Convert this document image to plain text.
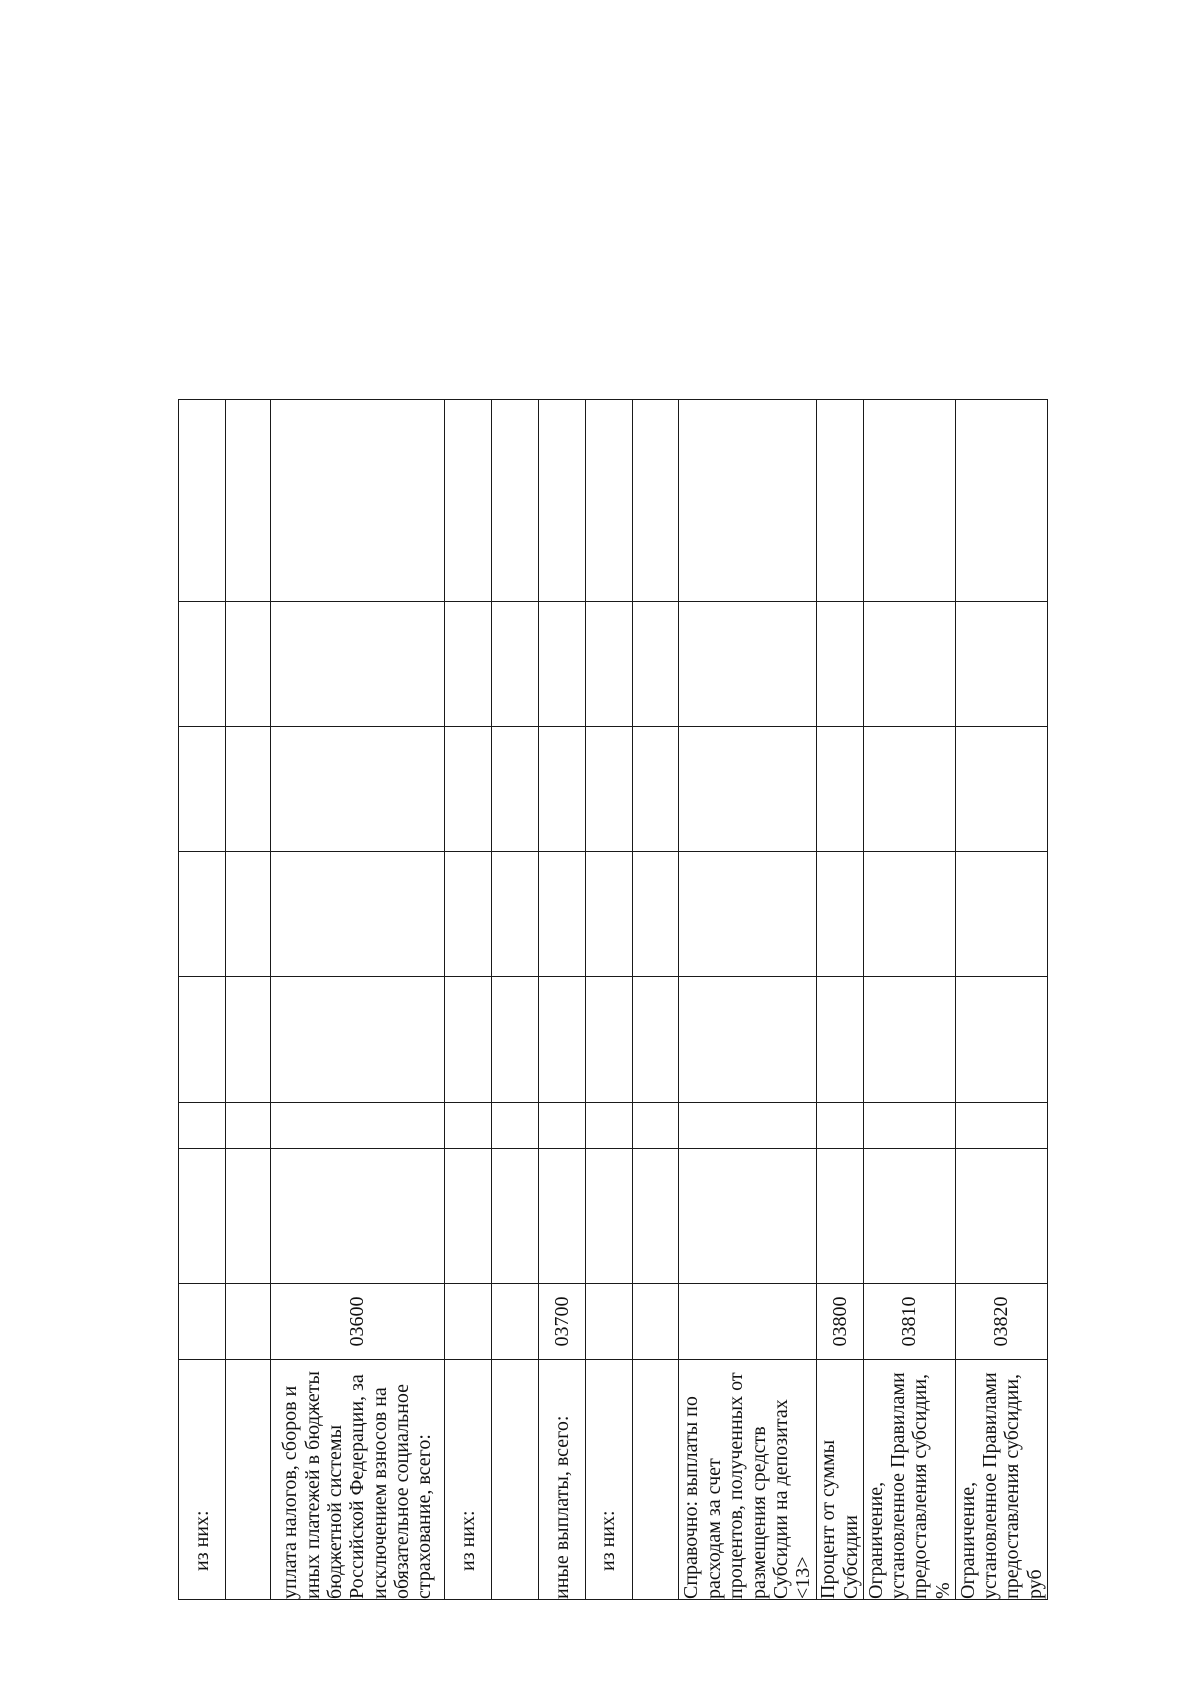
из них:								

уплата налогов, сборов и иных платежей в бюджеты бюджетной системы Российской Федерации, за исключением взносов на обязательное социальное страхование, всего:	03600							
из них:								

иные выплаты, всего:	03700							
из них:								

Справочно: выплаты по расходам за счет процентов, полученных от размещения средств Субсидии на депозитах <13>								
Процент от суммы Субсидии	03800							
Ограничение, установленное Правилами предоставления субсидии, %	03810							
Ограничение, установленное Правилами предоставления субсидии, руб	03820							
